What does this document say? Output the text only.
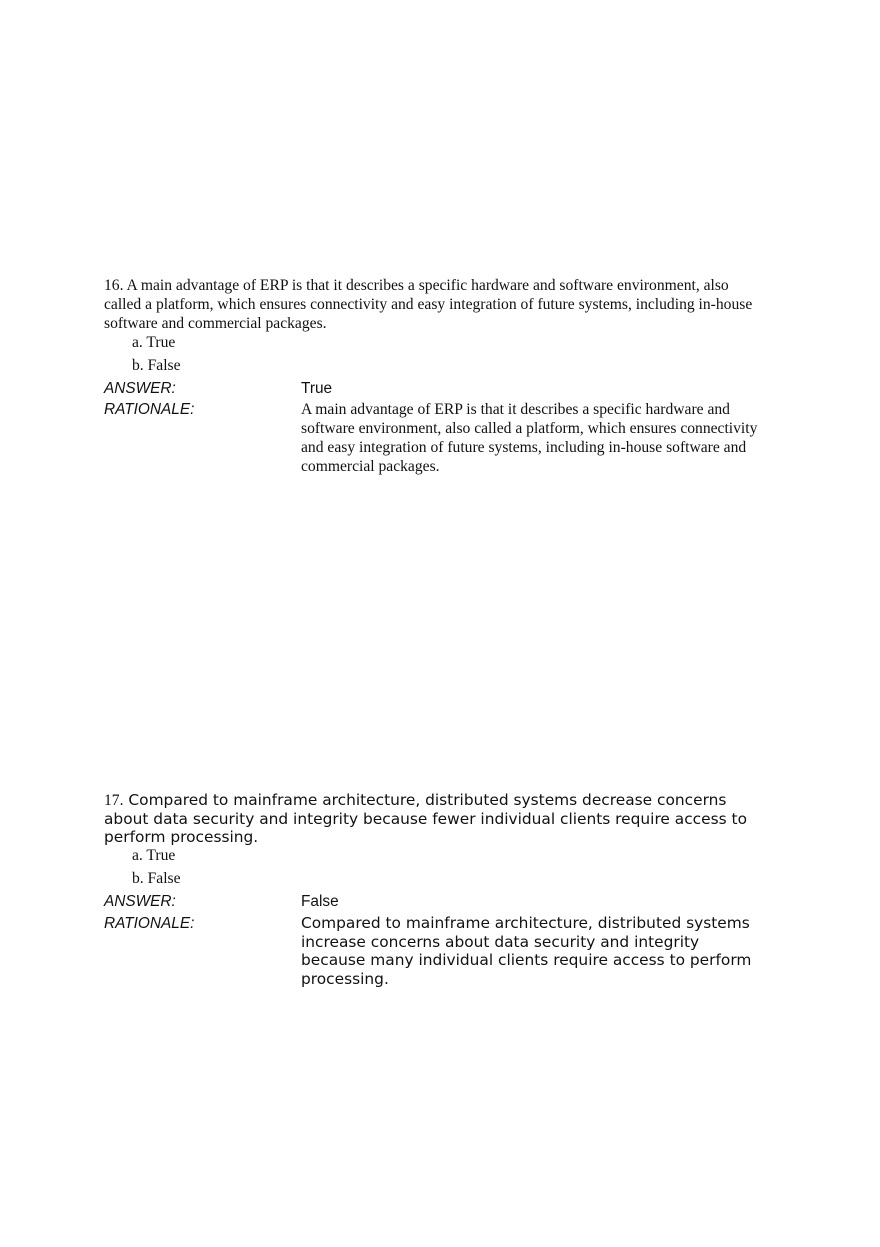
16. A main advantage of ERP is that it describes a specific hardware and software environment, also called a platform, which ensures connectivity and easy integration of future systems, including in-house software and commercial packages.

a. True
b. False
ANSWER:	True
RATIONALE:	A main advantage of ERP is that it describes a specific hardware and software environment, also called a platform, which ensures connectivity and easy integration of future systems, including in-house software and commercial packages.

17. Compared to mainframe architecture, distributed systems decrease concerns about data security and integrity because fewer individual clients require access to perform processing.

a. True
b. False
ANSWER:	False
RATIONALE:	Compared to mainframe architecture, distributed systems increase concerns about data security and integrity because many individual clients require access to perform processing.
